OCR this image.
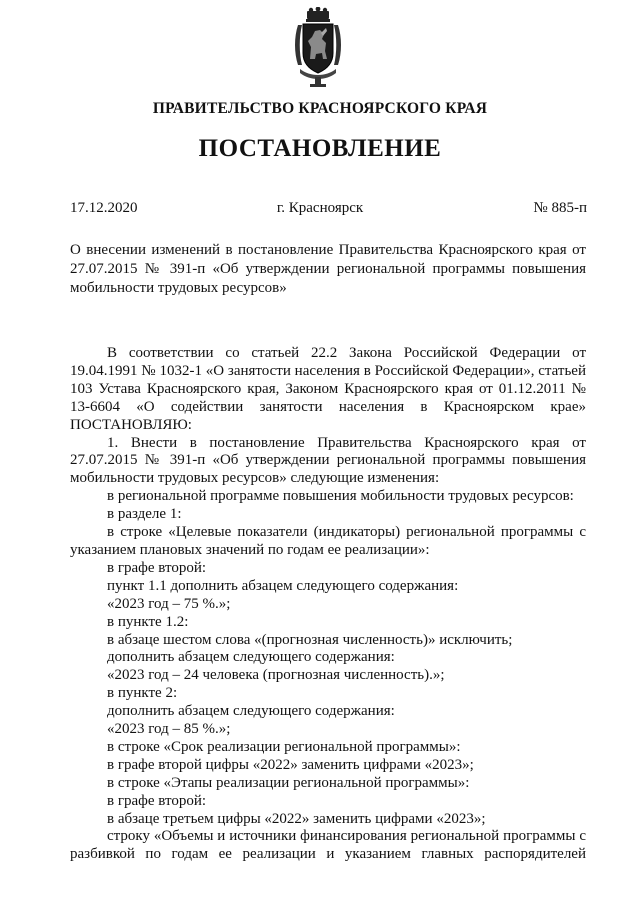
ПРАВИТЕЛЬСТВО КРАСНОЯРСКОГО КРАЯ
ПОСТАНОВЛЕНИЕ
17.12.2020	г. Красноярск	№ 885-п
О внесении изменений в постановление Правительства Красноярского края от 27.07.2015 № 391-п «Об утверждении региональной программы повышения мобильности трудовых ресурсов»

В соответствии со статьей 22.2 Закона Российской Федерации от 19.04.1991 № 1032-1 «О занятости населения в Российской Федерации», статьей 103 Устава Красноярского края, Законом Красноярского края от 01.12.2011 № 13-6604 «О содействии занятости населения в Красноярском крае» ПОСТАНОВЛЯЮ:

1. Внести в постановление Правительства Красноярского края от 27.07.2015 № 391-п «Об утверждении региональной программы повышения мобильности трудовых ресурсов» следующие изменения:

в региональной программе повышения мобильности трудовых ресурсов:

в разделе 1:

в строке «Целевые показатели (индикаторы) региональной программы с указанием плановых значений по годам ее реализации»:

в графе второй:

пункт 1.1 дополнить абзацем следующего содержания:

«2023 год – 75 %.»;

в пункте 1.2:

в абзаце шестом слова «(прогнозная численность)» исключить;

дополнить абзацем следующего содержания:

«2023 год – 24 человека (прогнозная численность).»;

в пункте 2:

дополнить абзацем следующего содержания:

«2023 год – 85 %.»;

в строке «Срок реализации региональной программы»:

в графе второй цифры «2022» заменить цифрами «2023»;

в строке «Этапы реализации региональной программы»:

в графе второй:

в абзаце третьем цифры «2022» заменить цифрами «2023»;

строку «Объемы и источники финансирования региональной программы с разбивкой по годам ее реализации и указанием главных распорядителей
